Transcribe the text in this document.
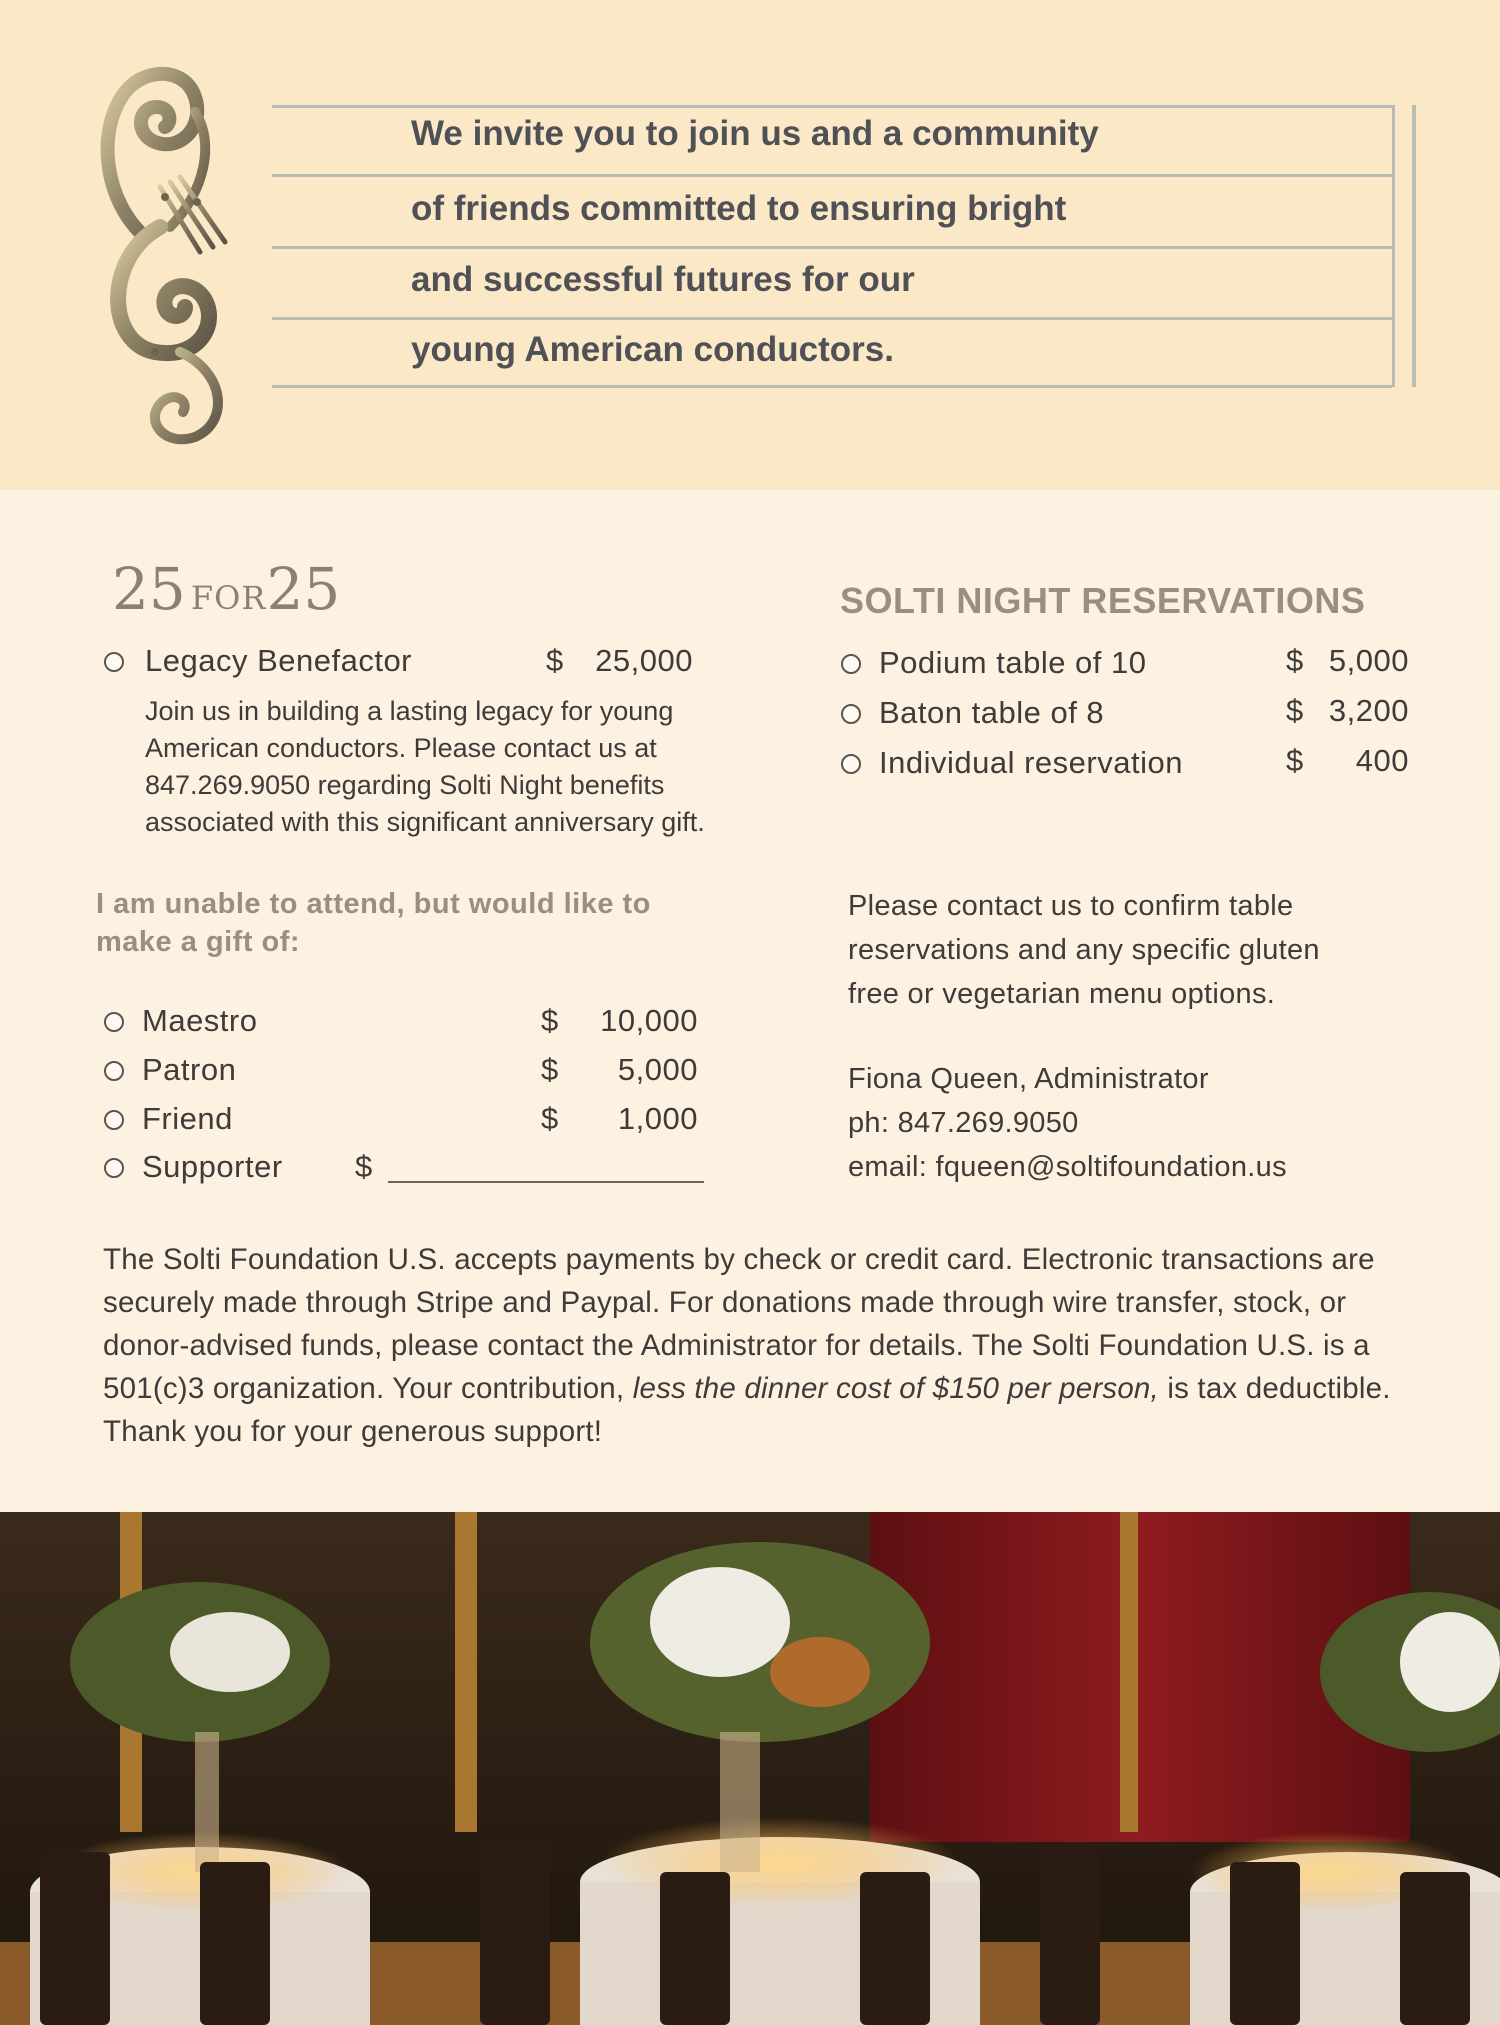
We invite you to join us and a community
of friends committed to ensuring bright
and successful futures for our
young American conductors.
25 FOR25
Legacy Benefactor	$	25,000
Join us in building a lasting legacy for young
American conductors. Please contact us at
847.269.9050 regarding Solti Night benefits
associated with this significant anniversary gift.
I am unable to attend, but would like to
make a gift of:
Maestro	$	10,000
Patron	$	5,000
Friend	$	1,000
Supporter $
SOLTI NIGHT RESERVATIONS
Podium table of 10	$ 5,000
Baton table of 8	$ 3,200
Individual reservation	$	400
Please contact us to confirm table
reservations and any specific gluten
free or vegetarian menu options.
Fiona Queen, Administrator
ph: 847.269.9050
email: fqueen@soltifoundation.us
The Solti Foundation U.S. accepts payments by check or credit card. Electronic transactions are securely made through Stripe and Paypal. For donations made through wire transfer, stock, or donor-advised funds, please contact the Administrator for details. The Solti Foundation U.S. is a 501(c)3 organization. Your contribution, less the dinner cost of $150 per person, is tax deductible. Thank you for your generous support!
